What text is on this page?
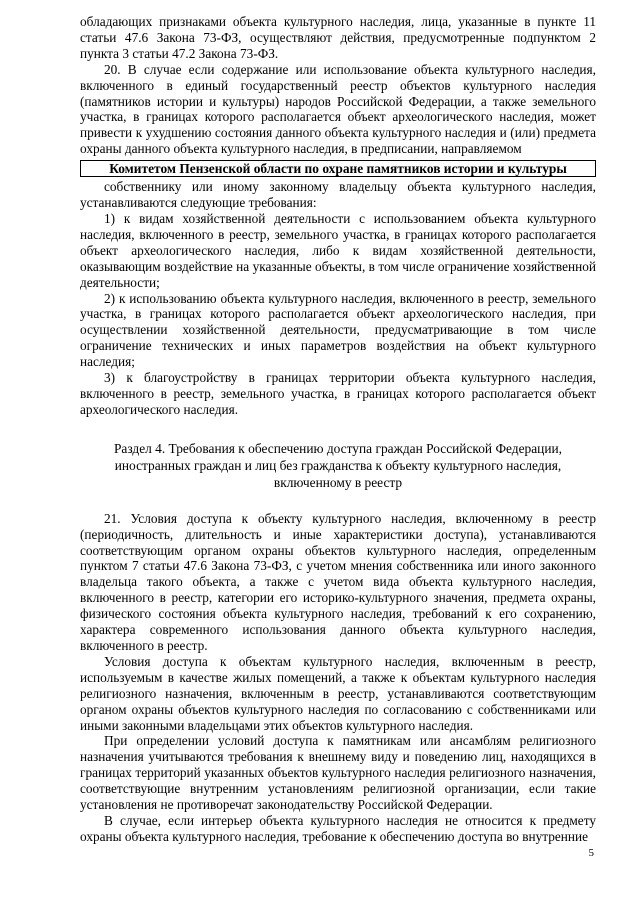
обладающих признаками объекта культурного наследия, лица, указанные в пункте 11 статьи 47.6 Закона 73-ФЗ, осуществляют действия, предусмотренные подпунктом 2 пункта 3 статьи 47.2 Закона 73-ФЗ.

20. В случае если содержание или использование объекта культурного наследия, включенного в единый государственный реестр объектов культурного наследия (памятников истории и культуры) народов Российской Федерации, а также земельного участка, в границах которого располагается объект археологического наследия, может привести к ухудшению состояния данного объекта культурного наследия и (или) предмета охраны данного объекта культурного наследия, в предписании, направляемом

Комитетом Пензенской области по охране памятников истории и культуры

собственнику или иному законному владельцу объекта культурного наследия, устанавливаются следующие требования:

1) к видам хозяйственной деятельности с использованием объекта культурного наследия, включенного в реестр, земельного участка, в границах которого располагается объект археологического наследия, либо к видам хозяйственной деятельности, оказывающим воздействие на указанные объекты, в том числе ограничение хозяйственной деятельности;

2) к использованию объекта культурного наследия, включенного в реестр, земельного участка, в границах которого располагается объект археологического наследия, при осуществлении хозяйственной деятельности, предусматривающие в том числе ограничение технических и иных параметров воздействия на объект культурного наследия;

3) к благоустройству в границах территории объекта культурного наследия, включенного в реестр, земельного участка, в границах которого располагается объект археологического наследия.

Раздел 4. Требования к обеспечению доступа граждан Российской Федерации,
иностранных граждан и лиц без гражданства к объекту культурного наследия,
включенному в реестр

21. Условия доступа к объекту культурного наследия, включенному в реестр (периодичность, длительность и иные характеристики доступа), устанавливаются соответствующим органом охраны объектов культурного наследия, определенным пунктом 7 статьи 47.6 Закона 73-ФЗ, с учетом мнения собственника или иного законного владельца такого объекта, а также с учетом вида объекта культурного наследия, включенного в реестр, категории его историко-культурного значения, предмета охраны, физического состояния объекта культурного наследия, требований к его сохранению, характера современного использования данного объекта культурного наследия, включенного в реестр.

Условия доступа к объектам культурного наследия, включенным в реестр, используемым в качестве жилых помещений, а также к объектам культурного наследия религиозного назначения, включенным в реестр, устанавливаются соответствующим органом охраны объектов культурного наследия по согласованию с собственниками или иными законными владельцами этих объектов культурного наследия.

При определении условий доступа к памятникам или ансамблям религиозного назначения учитываются требования к внешнему виду и поведению лиц, находящихся в границах территорий указанных объектов культурного наследия религиозного назначения, соответствующие внутренним установлениям религиозной организации, если такие установления не противоречат законодательству Российской Федерации.

В случае, если интерьер объекта культурного наследия не относится к предмету охраны объекта культурного наследия, требование к обеспечению доступа во внутренние

5
